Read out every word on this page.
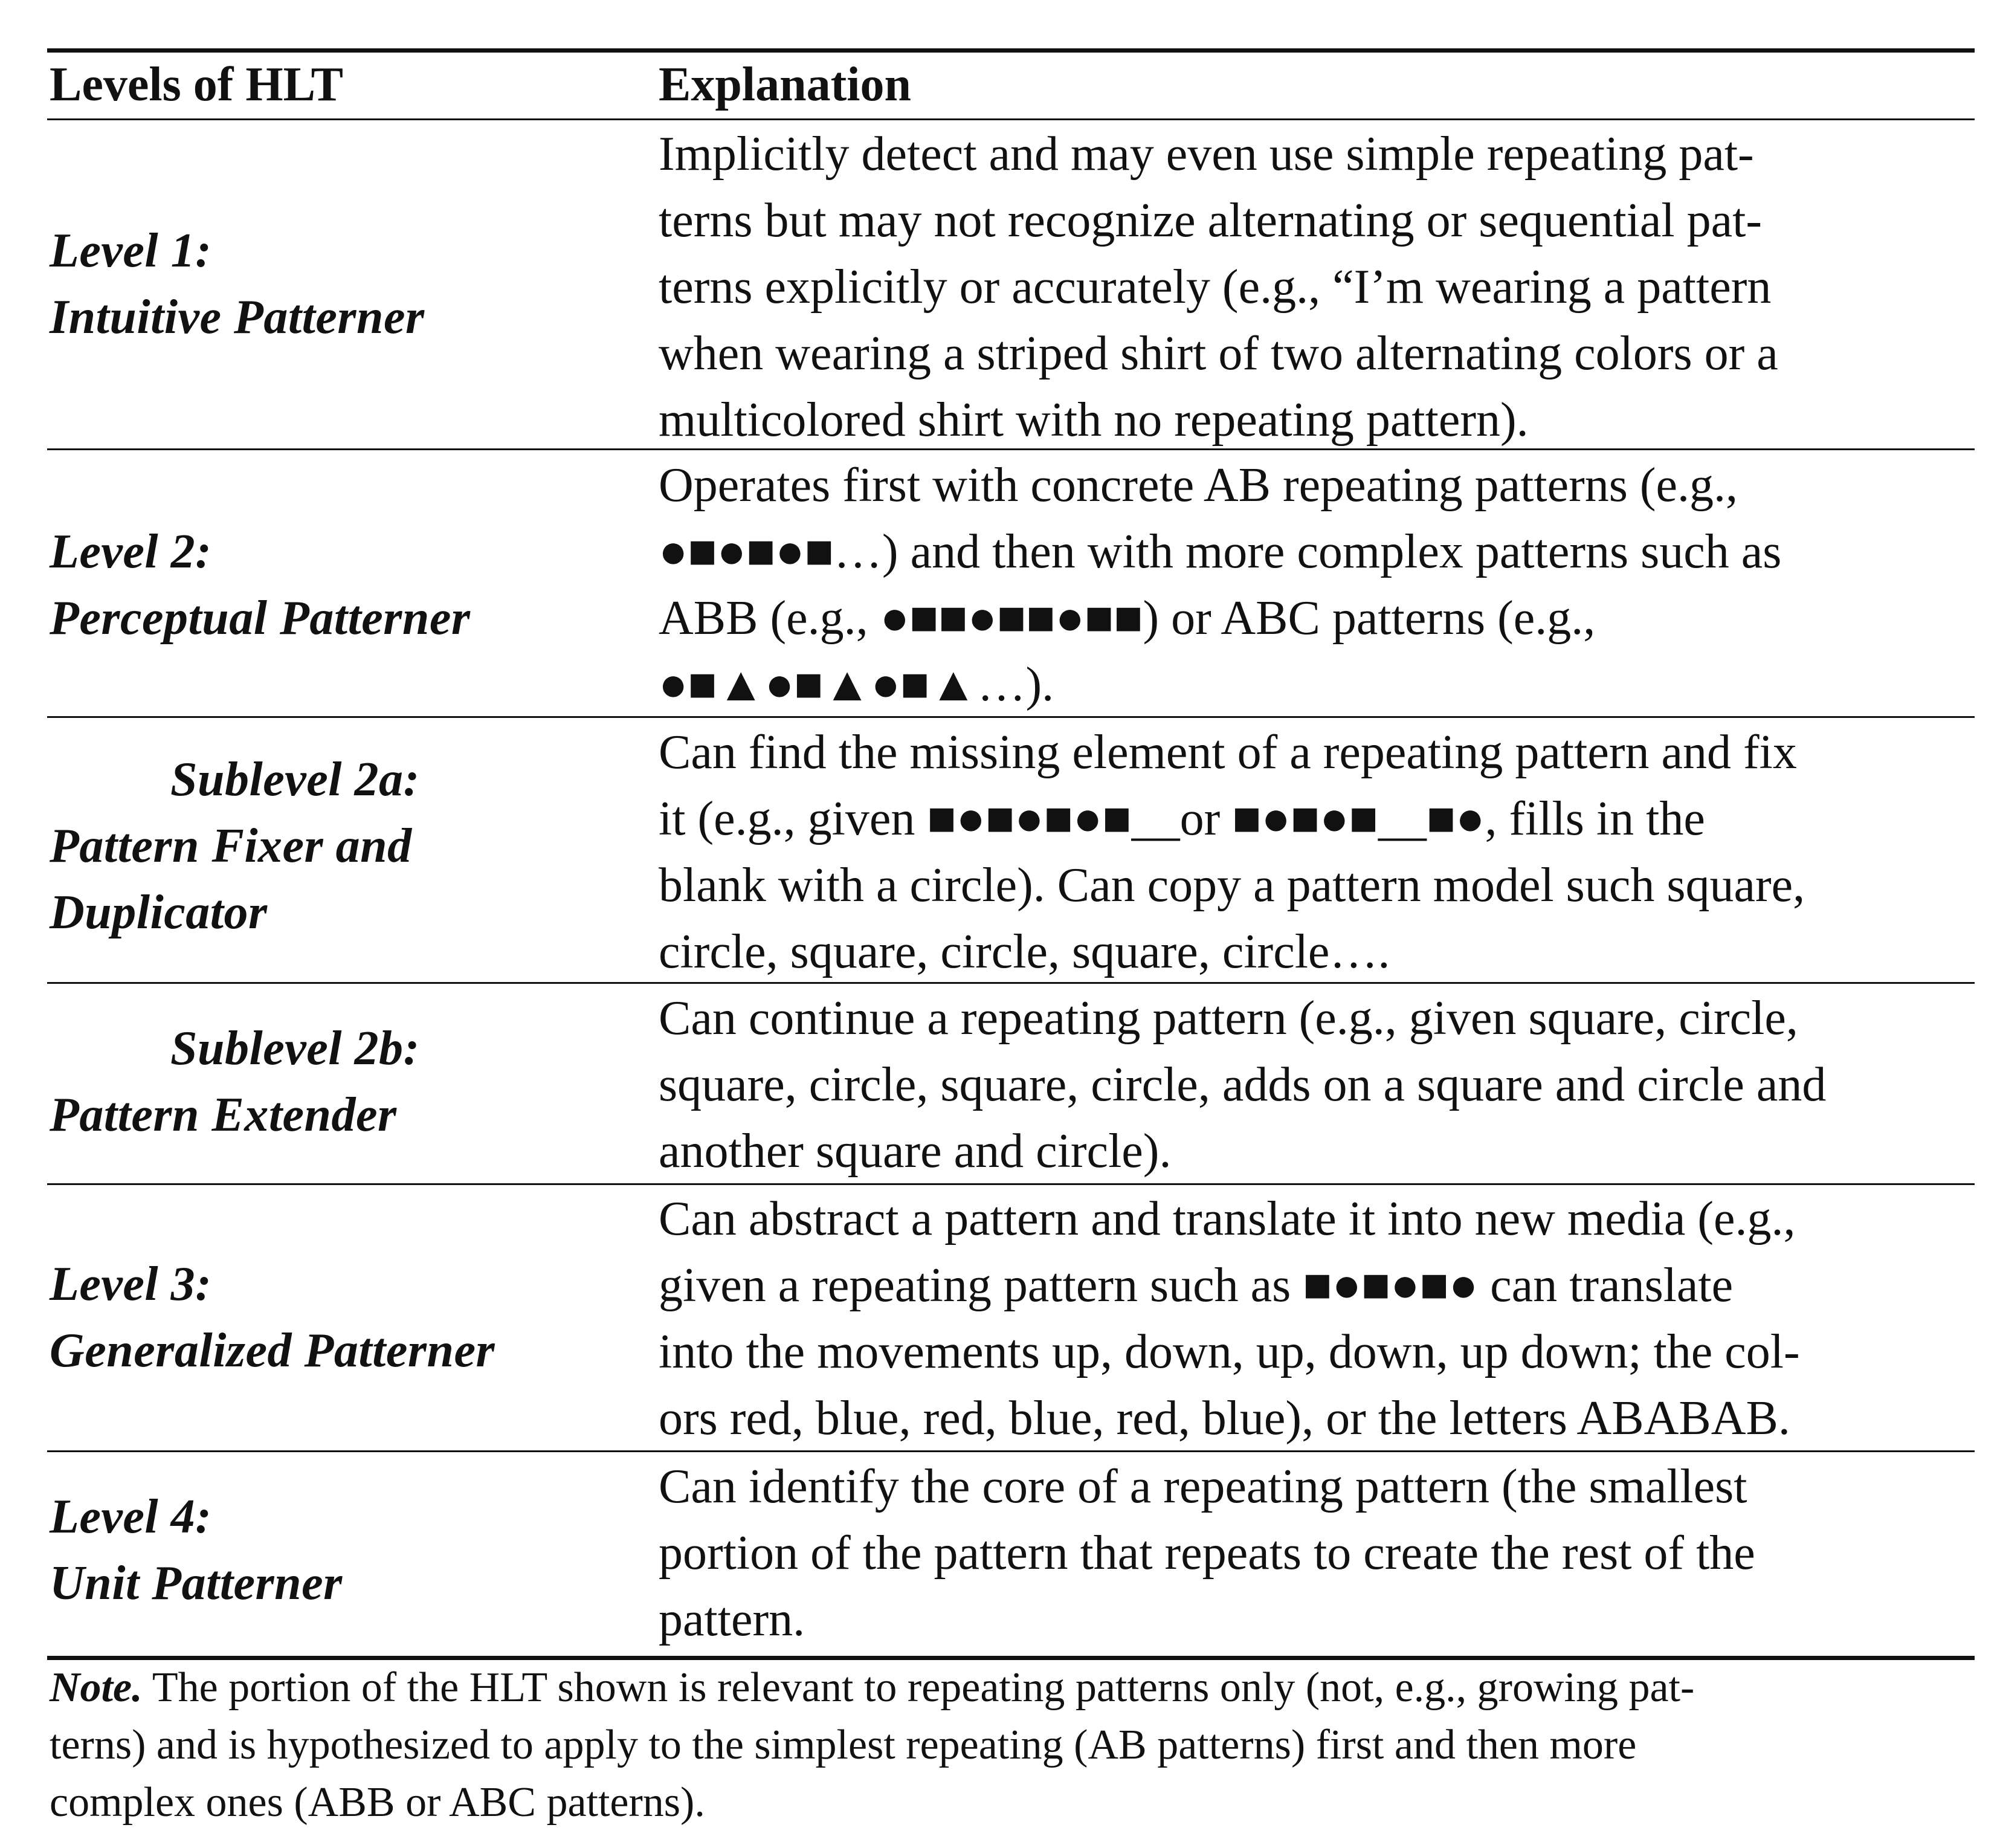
Levels of HLT	Explanation
Level 1:
Intuitive Patterner
Implicitly detect and may even use simple repeating pat-
terns but may not recognize alternating or sequential pat-
terns explicitly or accurately (e.g., “I’m wearing a pattern
when wearing a striped shirt of two alternating colors or a
multicolored shirt with no repeating pattern).
Level 2:
Perceptual Patterner
Operates first with concrete AB repeating patterns (e.g.,
●■●■●■…) and then with more complex patterns such as
ABB (e.g., ●■■●■■●■■) or ABC patterns (e.g.,
●■▲●■▲●■▲…).
Sublevel 2a:
Pattern Fixer and
Duplicator
Can find the missing element of a repeating pattern and fix
it (e.g., given ■●■●■●■__or ■●■●■__■●, fills in the
blank with a circle). Can copy a pattern model such square,
circle, square, circle, square, circle….
Sublevel 2b:
Pattern Extender
Can continue a repeating pattern (e.g., given square, circle,
square, circle, square, circle, adds on a square and circle and
another square and circle).
Level 3:
Generalized Patterner
Can abstract a pattern and translate it into new media (e.g.,
given a repeating pattern such as ■●■●■● can translate
into the movements up, down, up, down, up down; the col-
ors red, blue, red, blue, red, blue), or the letters ABABAB.
Level 4:
Unit Patterner
Can identify the core of a repeating pattern (the smallest
portion of the pattern that repeats to create the rest of the
pattern.
Note. The portion of the HLT shown is relevant to repeating patterns only (not, e.g., growing pat-
terns) and is hypothesized to apply to the simplest repeating (AB patterns) first and then more
complex ones (ABB or ABC patterns).
